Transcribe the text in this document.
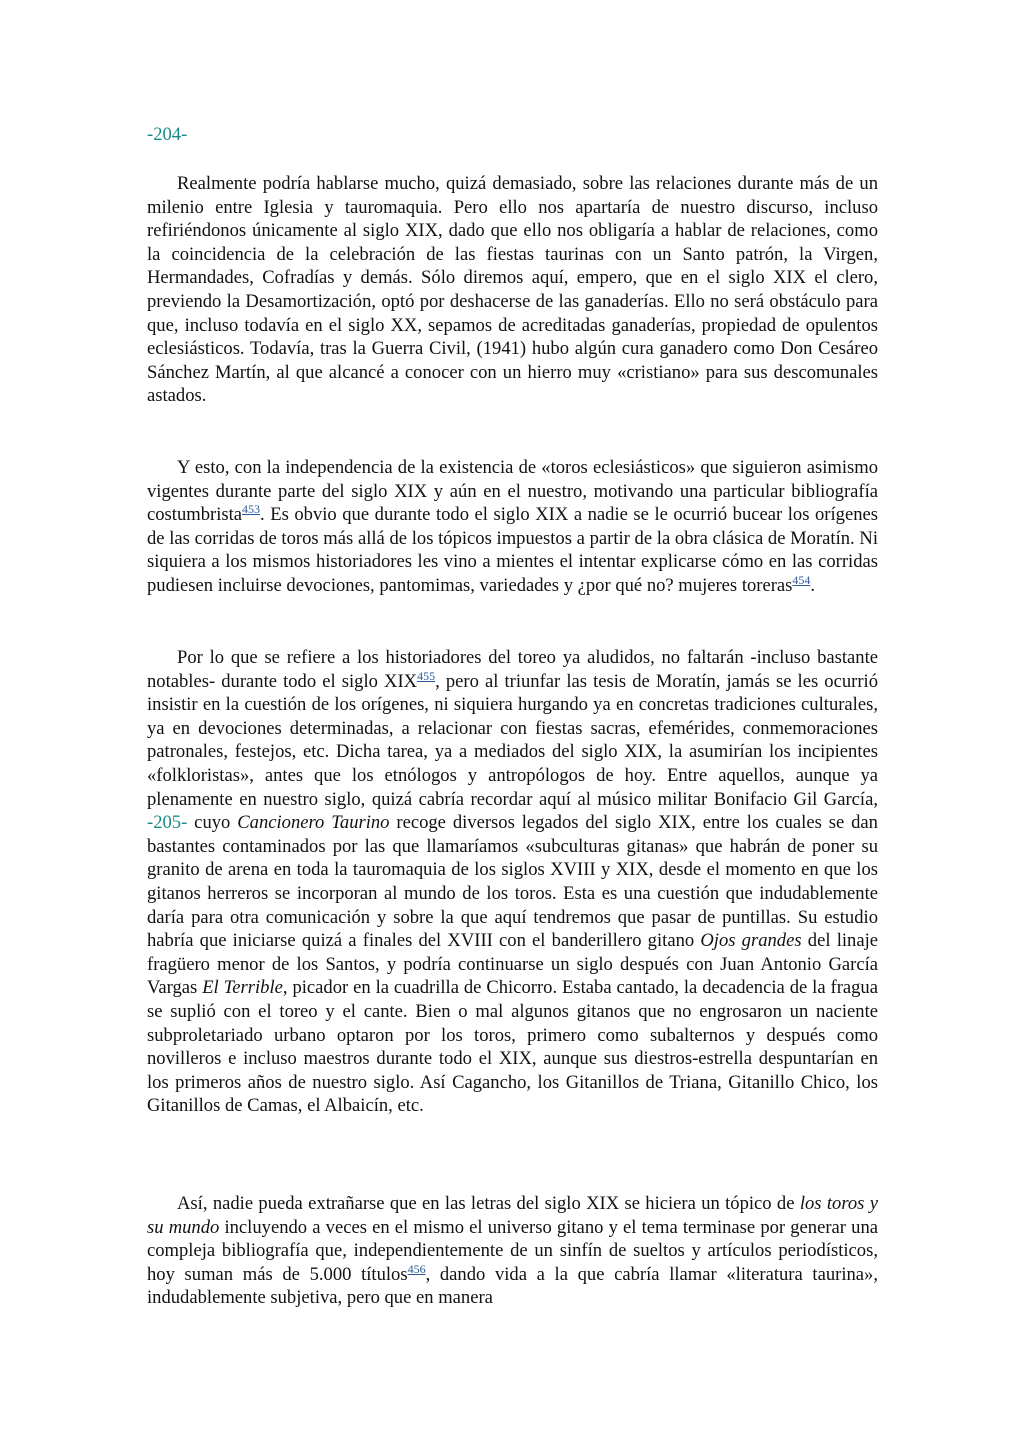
-204-

Realmente podría hablarse mucho, quizá demasiado, sobre las relaciones durante más de un milenio entre Iglesia y tauromaquia. Pero ello nos apartaría de nuestro discurso, incluso refiriéndonos únicamente al siglo XIX, dado que ello nos obligaría a hablar de relaciones, como la coincidencia de la celebración de las fiestas taurinas con un Santo patrón, la Virgen, Hermandades, Cofradías y demás. Sólo diremos aquí, empero, que en el siglo XIX el clero, previendo la Desamortización, optó por deshacerse de las ganaderías. Ello no será obstáculo para que, incluso todavía en el siglo XX, sepamos de acreditadas ganaderías, propiedad de opulentos eclesiásticos. Todavía, tras la Guerra Civil, (1941) hubo algún cura ganadero como Don Cesáreo Sánchez Martín, al que alcancé a conocer con un hierro muy «cristiano» para sus descomunales astados.

Y esto, con la independencia de la existencia de «toros eclesiásticos» que siguieron asimismo vigentes durante parte del siglo XIX y aún en el nuestro, motivando una particular bibliografía costumbrista$^{453}$. Es obvio que durante todo el siglo XIX a nadie se le ocurrió bucear los orígenes de las corridas de toros más allá de los tópicos impuestos a partir de la obra clásica de Moratín. Ni siquiera a los mismos historiadores les vino a mientes el intentar explicarse cómo en las corridas pudiesen incluirse devociones, pantomimas, variedades y ¿por qué no? mujeres toreras$^{454}$.

Por lo que se refiere a los historiadores del toreo ya aludidos, no faltarán -incluso bastante notables- durante todo el siglo XIX$^{455}$, pero al triunfar las tesis de Moratín, jamás se les ocurrió insistir en la cuestión de los orígenes, ni siquiera hurgando ya en concretas tradiciones culturales, ya en devociones determinadas, a relacionar con fiestas sacras, efemérides, conmemoraciones patronales, festejos, etc. Dicha tarea, ya a mediados del siglo XIX, la asumirían los incipientes «folkloristas», antes que los etnólogos y antropólogos de hoy. Entre aquellos, aunque ya plenamente en nuestro siglo, quizá cabría recordar aquí al músico militar Bonifacio Gil García, -205- cuyo Cancionero Taurino recoge diversos legados del siglo XIX, entre los cuales se dan bastantes contaminados por las que llamaríamos «subculturas gitanas» que habrán de poner su granito de arena en toda la tauromaquia de los siglos XVIII y XIX, desde el momento en que los gitanos herreros se incorporan al mundo de los toros. Esta es una cuestión que indudablemente daría para otra comunicación y sobre la que aquí tendremos que pasar de puntillas. Su estudio habría que iniciarse quizá a finales del XVIII con el banderillero gitano Ojos grandes del linaje fragüero menor de los Santos, y podría continuarse un siglo después con Juan Antonio García Vargas El Terrible, picador en la cuadrilla de Chicorro. Estaba cantado, la decadencia de la fragua se suplió con el toreo y el cante. Bien o mal algunos gitanos que no engrosaron un naciente subproletariado urbano optaron por los toros, primero como subalternos y después como novilleros e incluso maestros durante todo el XIX, aunque sus diestros-estrella despuntarían en los primeros años de nuestro siglo. Así Cagancho, los Gitanillos de Triana, Gitanillo Chico, los Gitanillos de Camas, el Albaicín, etc.

Así, nadie pueda extrañarse que en las letras del siglo XIX se hiciera un tópico de los toros y su mundo incluyendo a veces en el mismo el universo gitano y el tema terminase por generar una compleja bibliografía que, independientemente de un sinfín de sueltos y artículos periodísticos, hoy suman más de 5.000 títulos$^{456}$, dando vida a la que cabría llamar «literatura taurina», indudablemente subjetiva, pero que en manera
